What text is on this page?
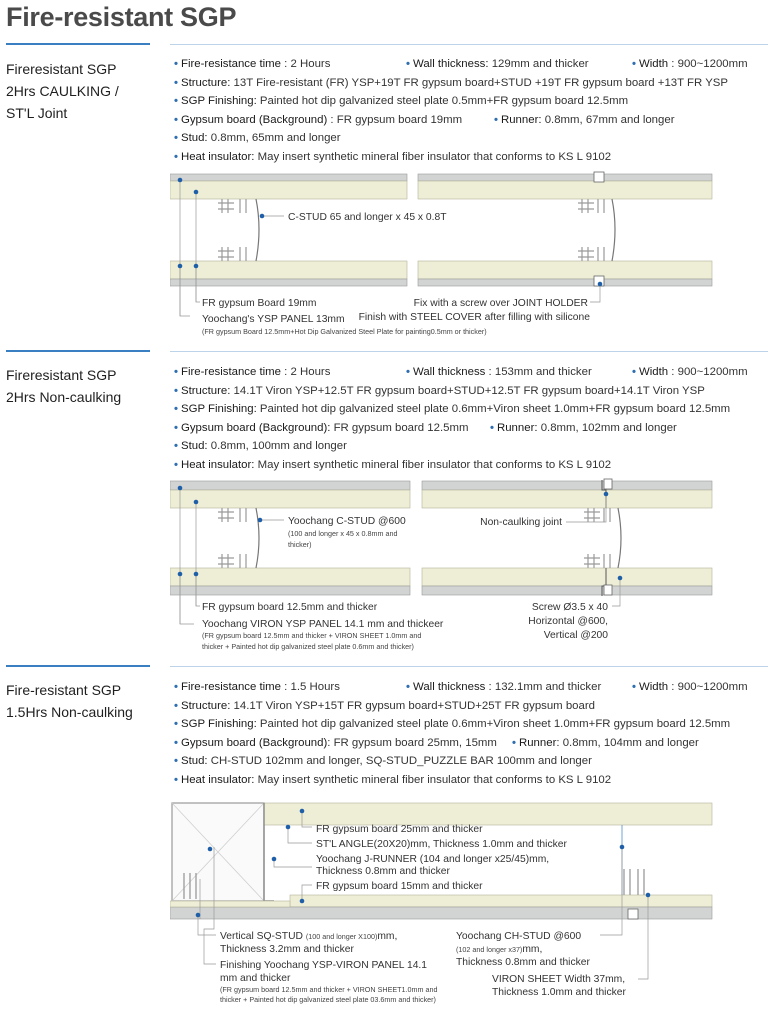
Fire-resistant SGP
Fireresistant SGP
2Hrs CAULKING /
ST'L Joint
• Fire-resistance time : 2 Hours	• Wall thickness: 129mm and thicker	• Width : 900~1200mm
• Structure: 13T Fire-resistant (FR) YSP+19T FR gypsum board+STUD +19T FR gypsum board +13T FR YSP
• SGP Finishing: Painted hot dip galvanized steel plate 0.5mm+FR gypsum board 12.5mm
• Gypsum board (Background) : FR gypsum board 19mm	• Runner: 0.8mm, 67mm and longer
• Stud: 0.8mm, 65mm and longer
• Heat insulator: May insert synthetic mineral fiber insulator that conforms to KS L 9102
C-STUD 65 and longer x 45 x 0.8T
FR gypsum Board 19mm
Yoochang's YSP PANEL 13mm
(FR gypsum Board 12.5mm+Hot Dip Galvanized Steel Plate for painting0.5mm or thicker)
Fix with a screw over JOINT HOLDER
Finish with STEEL COVER after filling with silicone
Fireresistant SGP
2Hrs Non-caulking
• Fire-resistance time : 2 Hours	• Wall thickness : 153mm and thicker	• Width : 900~1200mm
• Structure: 14.1T Viron YSP+12.5T FR gypsum board+STUD+12.5T FR gypsum board+14.1T Viron YSP
• SGP Finishing: Painted hot dip galvanized steel plate 0.6mm+Viron sheet 1.0mm+FR gypsum board 12.5mm
• Gypsum board (Background): FR gypsum board 12.5mm • Runner: 0.8mm, 102mm and longer
• Stud: 0.8mm, 100mm and longer
• Heat insulator: May insert synthetic mineral fiber insulator that conforms to KS L 9102
Yoochang C-STUD @600
(100 and longer x 45 x 0.8mm and
thicker)
Non-caulking joint
FR gypsum board 12.5mm and thicker
Yoochang VIRON YSP PANEL 14.1 mm and thickeer
(FR gypsum board 12.5mm and thicker + VIRON SHEET 1.0mm and
thicker + Painted hot dip galvanized steel plate 0.6mm and thicker)
Screw Ø3.5 x 40
Horizontal @600,
Vertical @200
Fire-resistant SGP
1.5Hrs Non-caulking
• Fire-resistance time : 1.5 Hours	• Wall thickness : 132.1mm and thicker	• Width : 900~1200mm
• Structure: 14.1T Viron YSP+15T FR gypsum board+STUD+25T FR gypsum board
• SGP Finishing: Painted hot dip galvanized steel plate 0.6mm+Viron sheet 1.0mm+FR gypsum board 12.5mm
• Gypsum board (Background): FR gypsum board 25mm, 15mm • Runner: 0.8mm, 104mm and longer
• Stud: CH-STUD 102mm and longer, SQ-STUD_PUZZLE BAR 100mm and longer
• Heat insulator: May insert synthetic mineral fiber insulator that conforms to KS L 9102
FR gypsum board 25mm and thicker
ST'L ANGLE(20X20)mm, Thickness 1.0mm and thicker
Yoochang J-RUNNER (104 and longer x25/45)mm,
Thickness 0.8mm and thicker
FR gypsum board 15mm and thicker
Vertical SQ-STUD (100 and longer X100)mm,
Thickness 3.2mm and thicker
Finishing Yoochang YSP-VIRON PANEL 14.1
mm and thicker
(FR gypsum board 12.5mm and thicker + VIRON SHEET1.0mm and
thicker + Painted hot dip galvanized steel plate 03.6mm and thicker)
Yoochang CH-STUD @600
(102 and longer x37)mm,
Thickness 0.8mm and thicker
VIRON SHEET Width 37mm,
Thickness 1.0mm and thicker
